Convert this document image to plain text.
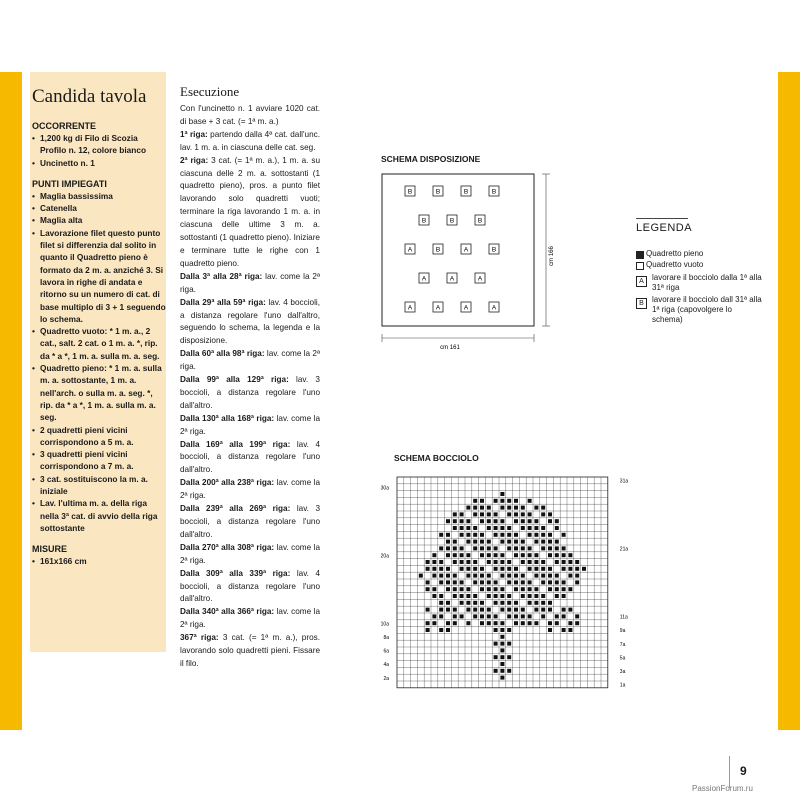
Candida tavola
OCCORRENTE
• 1,200 kg di Filo di Scozia Profilo n. 12, colore bianco
• Uncinetto n. 1
PUNTI IMPIEGATI
• Maglia bassissima
• Catenella
• Maglia alta
• Lavorazione filet questo punto filet si differenzia dal solito in quanto il Quadretto pieno è formato da 2 m. a. anziché 3. Si lavora in righe di andata e ritorno su un numero di cat. di base multiplo di 3 + 1 seguendo lo schema.
• Quadretto vuoto: * 1 m. a., 2 cat., salt. 2 cat. o 1 m. a. *, rip. da * a *, 1 m. a. sulla m. a. seg.
• Quadretto pieno: * 1 m. a. sulla m. a. sottostante, 1 m. a. nell'arch. o sulla m. a. seg. *, rip. da * a *, 1 m. a. sulla m. a. seg.
• 2 quadretti pieni vicini corrispondono a 5 m. a.
• 3 quadretti pieni vicini corrispondono a 7 m. a.
• 3 cat. sostituiscono la m. a. iniziale
• Lav. l'ultima m. a. della riga nella 3ª cat. di avvio della riga sottostante
MISURE
• 161x166 cm
Esecuzione
Con l'uncinetto n. 1 avviare 1020 cat. di base + 3 cat. (= 1ª m. a.)
1ª riga: partendo dalla 4ª cat. dall'unc. lav. 1 m. a. in ciascuna delle cat. seg.
2ª riga: 3 cat. (= 1ª m. a.), 1 m. a. su ciascuna delle 2 m. a. sottostanti (1 quadretto pieno), pros. a punto filet lavorando solo quadretti vuoti; terminare la riga lavorando 1 m. a. in ciascuna delle ultime 3 m. a. sottostanti (1 quadretto pieno). Iniziare e terminare tutte le righe con 1 quadretto pieno.
Dalla 3ª alla 28ª riga: lav. come la 2ª riga.
Dalla 29ª alla 59ª riga: lav. 4 boccioli, a distanza regolare l'uno dall'altro, seguendo lo schema, la legenda e la disposizione.
Dalla 60ª alla 98ª riga: lav. come la 2ª riga.
Dalla 99ª alla 129ª riga: lav. 3 boccioli, a distanza regolare l'uno dall'altro.
Dalla 130ª alla 168ª riga: lav. come la 2ª riga.
Dalla 169ª alla 199ª riga: lav. 4 boccioli, a distanza regolare l'uno dall'altro.
Dalla 200ª alla 238ª riga: lav. come la 2ª riga.
Dalla 239ª alla 269ª riga: lav. 3 boccioli, a distanza regolare l'uno dall'altro.
Dalla 270ª alla 308ª riga: lav. come la 2ª riga.
Dalla 309ª alla 339ª riga: lav. 4 boccioli, a distanza regolare l'uno dall'altro.
Dalla 340ª alla 366ª riga: lav. come la 2ª riga.
367ª riga: 3 cat. (= 1ª m. a.), pros. lavorando solo quadretti pieni. Fissare il filo.
SCHEMA DISPOSIZIONE
cm 161
cm 166
B	B	B	B
B	B	B
A	B	A	B
A	A	A
A	A	A	A
LEGENDA
Quadretto pieno
Quadretto vuoto
A	lavorare il bocciolo dalla 1ª alla 31ª riga
B	lavorare il bocciolo dall 31ª alla 1ª riga (capovolgere lo schema)
SCHEMA BOCCIOLO
30a
20a
10a
8a
6a
4a
2a
31a
21a
11a
9a
7a
5a
3a
1a
9
PassionForum.ru
